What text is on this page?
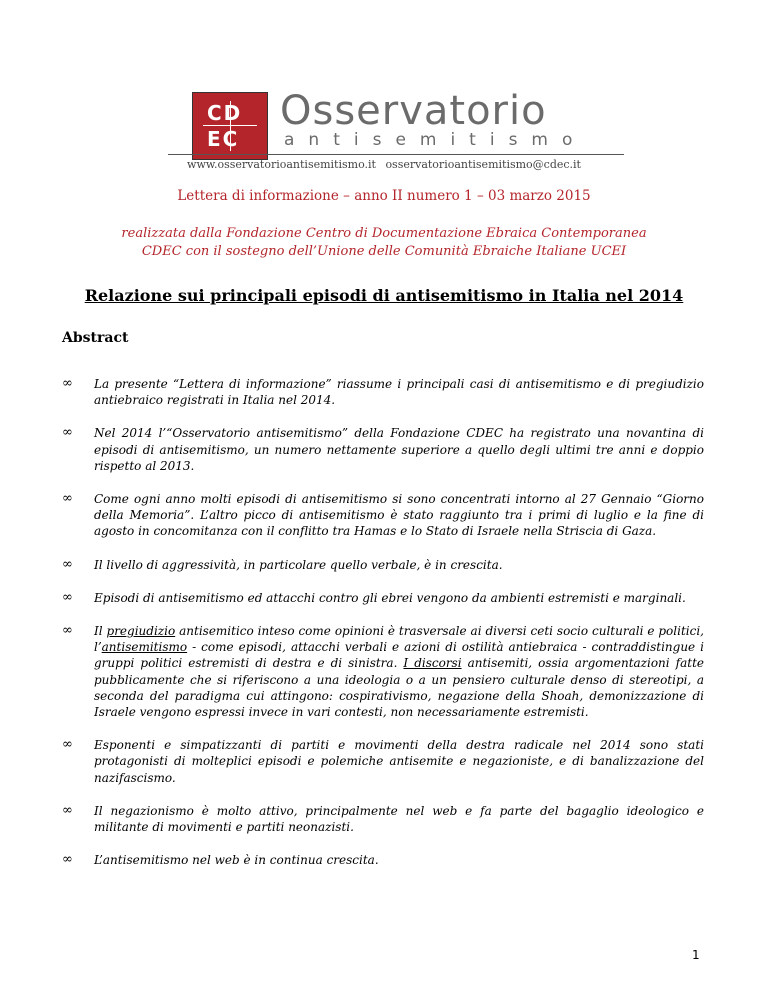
CD
EC
Osservatorio
antisemitismo
www.osservatorioantisemitismo.it osservatorioantisemitismo@cdec.it
Lettera di informazione – anno II numero 1 – 03 marzo 2015
realizzata dalla Fondazione Centro di Documentazione Ebraica Contemporanea CDEC con il sostegno dell’Unione delle Comunità Ebraiche Italiane UCEI
Relazione sui principali episodi di antisemitismo in Italia nel 2014
Abstract
∞ La presente “Lettera di informazione” riassume i principali casi di antisemitismo e di pregiudizio antiebraico registrati in Italia nel 2014.
∞ Nel 2014 l’“Osservatorio antisemitismo” della Fondazione CDEC ha registrato una novantina di episodi di antisemitismo, un numero nettamente superiore a quello degli ultimi tre anni e doppio rispetto al 2013.
∞ Come ogni anno molti episodi di antisemitismo si sono concentrati intorno al 27 Gennaio “Giorno della Memoria”. L’altro picco di antisemitismo è stato raggiunto tra i primi di luglio e la fine di agosto in concomitanza con il conflitto tra Hamas e lo Stato di Israele nella Striscia di Gaza.
∞ Il livello di aggressività, in particolare quello verbale, è in crescita.
∞ Episodi di antisemitismo ed attacchi contro gli ebrei vengono da ambienti estremisti e marginali.
∞ Il pregiudizio antisemitico inteso come opinioni è trasversale ai diversi ceti socio culturali e politici, l’antisemitismo - come episodi, attacchi verbali e azioni di ostilità antiebraica - contraddistingue i gruppi politici estremisti di destra e di sinistra. I discorsi antisemiti, ossia argomentazioni fatte pubblicamente che si riferiscono a una ideologia o a un pensiero culturale denso di stereotipi, a seconda del paradigma cui attingono: cospirativismo, negazione della Shoah, demonizzazione di Israele vengono espressi invece in vari contesti, non necessariamente estremisti.
∞ Esponenti e simpatizzanti di partiti e movimenti della destra radicale nel 2014 sono stati protagonisti di molteplici episodi e polemiche antisemite e negazioniste, e di banalizzazione del nazifascismo.
∞ Il negazionismo è molto attivo, principalmente nel web e fa parte del bagaglio ideologico e militante di movimenti e partiti neonazisti.
∞ L’antisemitismo nel web è in continua crescita.
1
